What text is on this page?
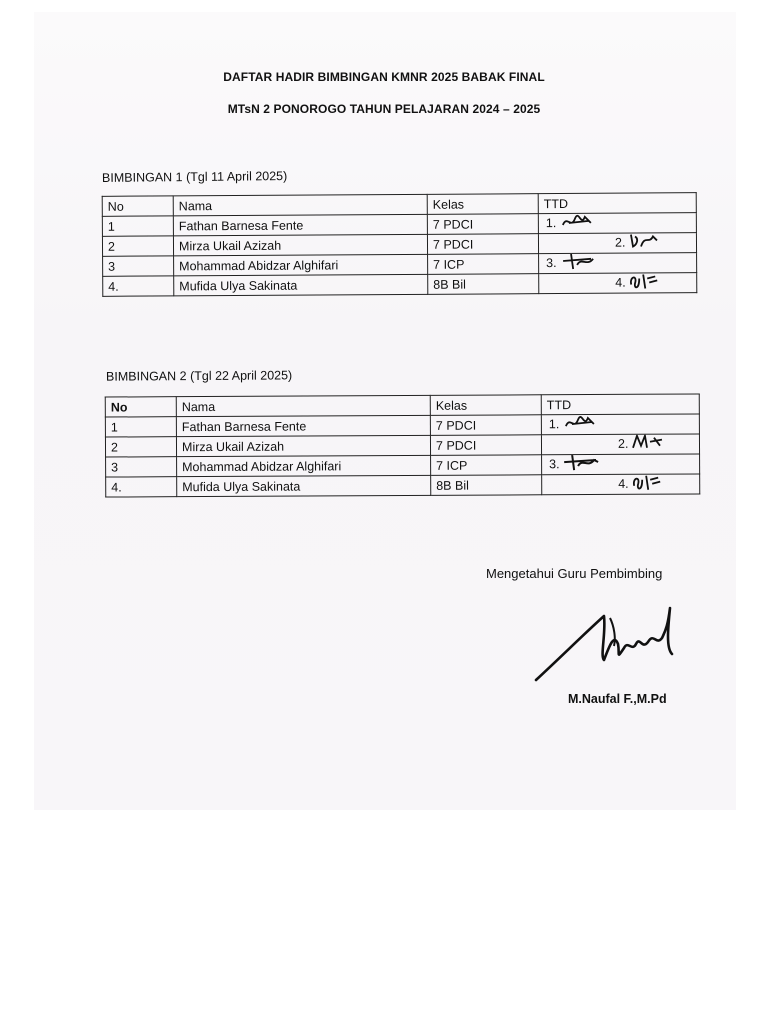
DAFTAR HADIR BIMBINGAN KMNR 2025 BABAK FINAL
MTsN 2 PONOROGO TAHUN PELAJARAN 2024 – 2025
BIMBINGAN 1 (Tgl 11 April 2025)
No	Nama	Kelas	TTD
1	Fathan Barnesa Fente	7 PDCI	1.

2	Mirza Ukail Azizah	7 PDCI	2.

3	Mohammad Abidzar Alghifari	7 ICP	3.

4.	Mufida Ulya Sakinata	8B Bil	4.
BIMBINGAN 2 (Tgl 22 April 2025)
No	Nama	Kelas	TTD
1	Fathan Barnesa Fente	7 PDCI	1.

2	Mirza Ukail Azizah	7 PDCI	2.

3	Mohammad Abidzar Alghifari	7 ICP	3.

4.	Mufida Ulya Sakinata	8B Bil	4.
Mengetahui Guru Pembimbing
M.Naufal F.,M.Pd
